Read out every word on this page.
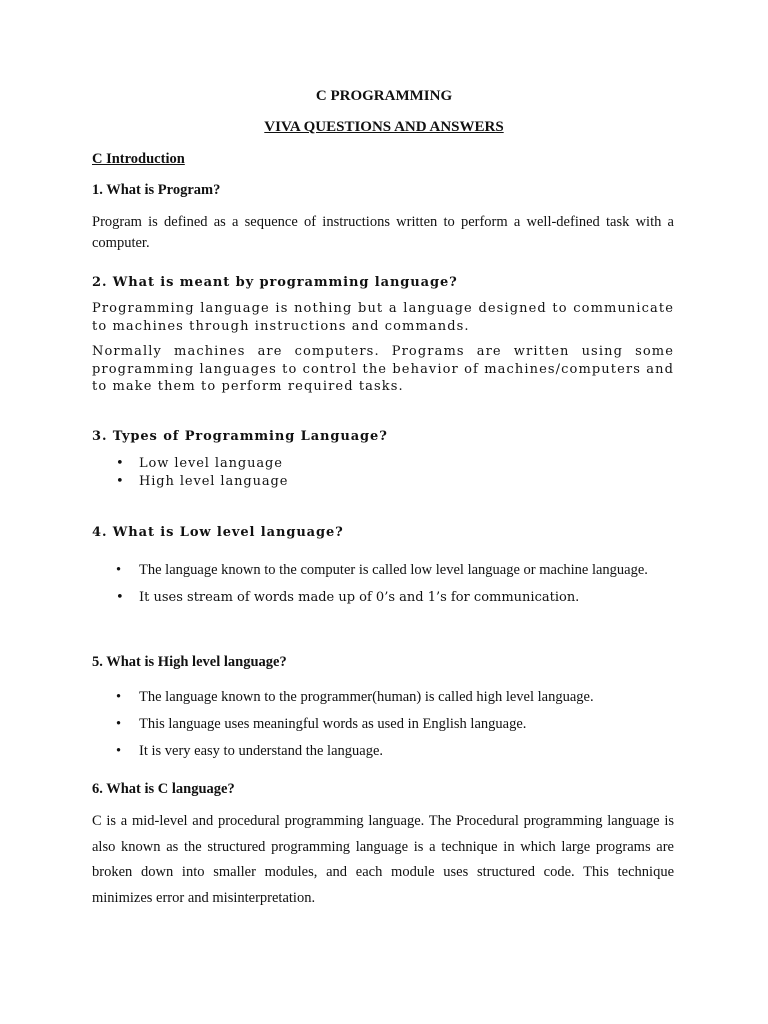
C PROGRAMMING

VIVA QUESTIONS AND ANSWERS

C Introduction

1. What is Program?

Program is defined as a sequence of instructions written to perform a well-defined task with a computer.

2. What is meant by programming language?

Programming language is nothing but a language designed to communicate to machines through instructions and commands.

Normally machines are computers. Programs are written using some programming languages to control the behavior of machines/computers and to make them to perform required tasks.

3. Types of Programming Language?

• Low level language
• High level language

4. What is Low level language?

• The language known to the computer is called low level language or machine language.
• It uses stream of words made up of 0’s and 1’s for communication.

5. What is High level language?

• The language known to the programmer(human) is called high level language.
• This language uses meaningful words as used in English language.
• It is very easy to understand the language.

6. What is C language?

C is a mid-level and procedural programming language. The Procedural programming language is also known as the structured programming language is a technique in which large programs are broken down into smaller modules, and each module uses structured code. This technique minimizes error and misinterpretation.
